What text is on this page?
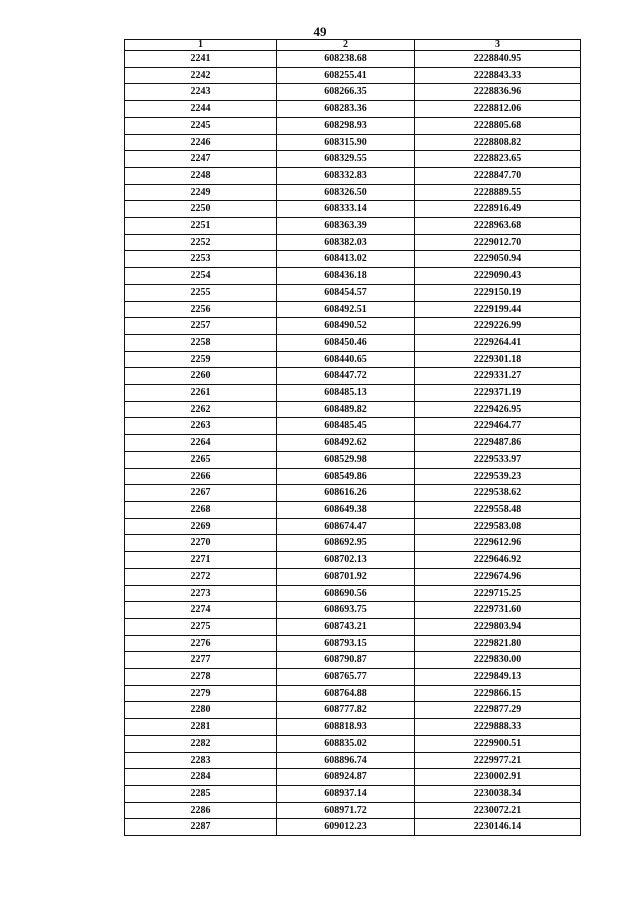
49
1	2	3
2241	608238.68	2228840.95
2242	608255.41	2228843.33
2243	608266.35	2228836.96
2244	608283.36	2228812.06
2245	608298.93	2228805.68
2246	608315.90	2228808.82
2247	608329.55	2228823.65
2248	608332.83	2228847.70
2249	608326.50	2228889.55
2250	608333.14	2228916.49
2251	608363.39	2228963.68
2252	608382.03	2229012.70
2253	608413.02	2229050.94
2254	608436.18	2229090.43
2255	608454.57	2229150.19
2256	608492.51	2229199.44
2257	608490.52	2229226.99
2258	608450.46	2229264.41
2259	608440.65	2229301.18
2260	608447.72	2229331.27
2261	608485.13	2229371.19
2262	608489.82	2229426.95
2263	608485.45	2229464.77
2264	608492.62	2229487.86
2265	608529.98	2229533.97
2266	608549.86	2229539.23
2267	608616.26	2229538.62
2268	608649.38	2229558.48
2269	608674.47	2229583.08
2270	608692.95	2229612.96
2271	608702.13	2229646.92
2272	608701.92	2229674.96
2273	608690.56	2229715.25
2274	608693.75	2229731.60
2275	608743.21	2229803.94
2276	608793.15	2229821.80
2277	608790.87	2229830.00
2278	608765.77	2229849.13
2279	608764.88	2229866.15
2280	608777.82	2229877.29
2281	608818.93	2229888.33
2282	608835.02	2229900.51
2283	608896.74	2229977.21
2284	608924.87	2230002.91
2285	608937.14	2230038.34
2286	608971.72	2230072.21
2287	609012.23	2230146.14
